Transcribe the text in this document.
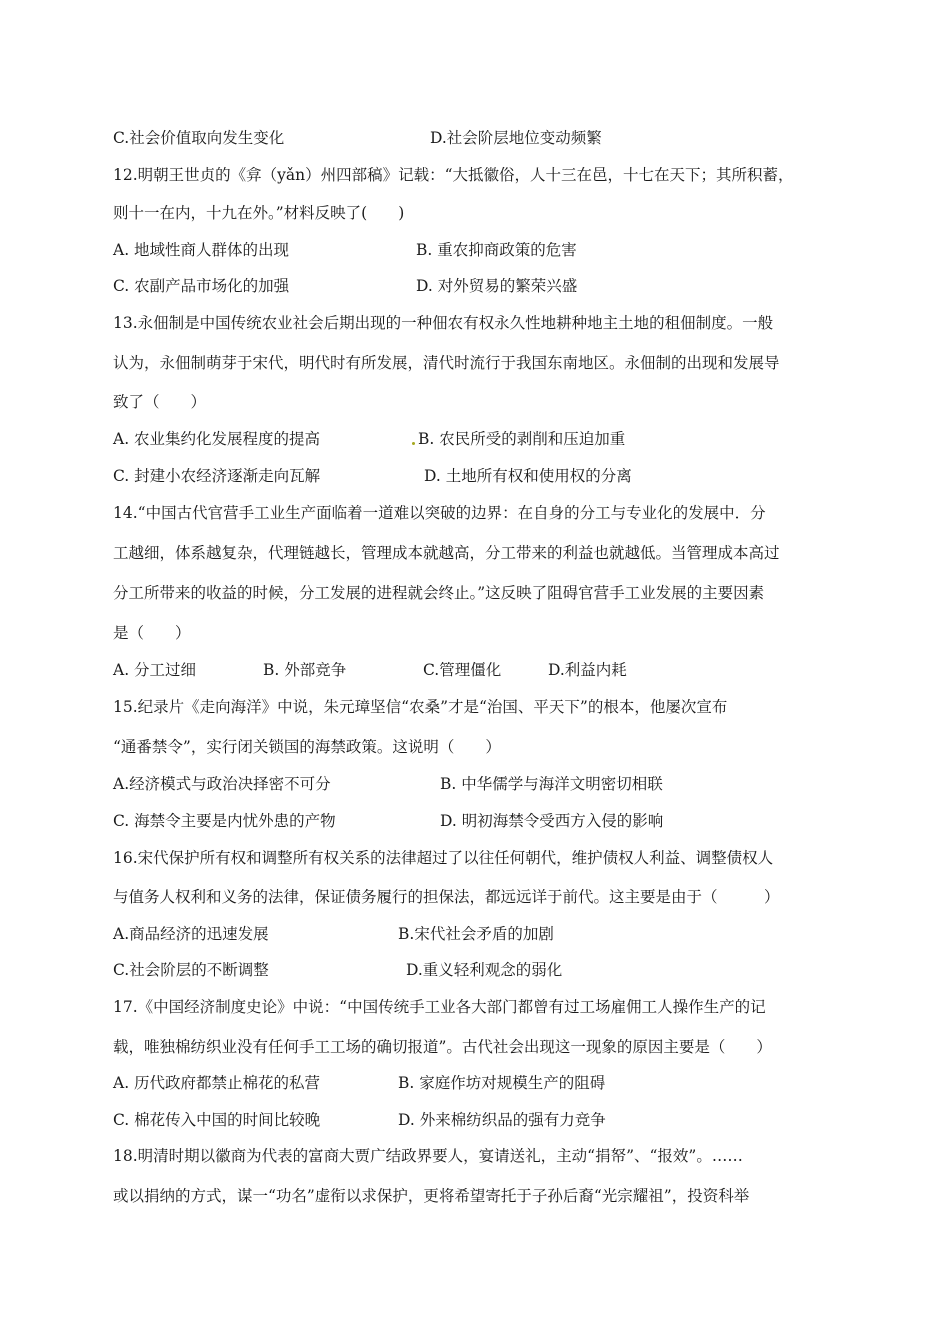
C.社会价值取向发生变化	D.社会阶层地位变动频繁
12.明朝王世贞的《弇（yǎn）州四部稿》记载：“大抵徽俗，人十三在邑，十七在天下；其所积蓄，
则十一在内，十九在外。”材料反映了(　　)
A. 地域性商人群体的出现	B. 重农抑商政策的危害
C. 农副产品市场化的加强	D. 对外贸易的繁荣兴盛
13.永佃制是中国传统农业社会后期出现的一种佃农有权永久性地耕种地主土地的租佃制度。一般
认为，永佃制萌芽于宋代，明代时有所发展，清代时流行于我国东南地区。永佃制的出现和发展导
致了（　　）
A. 农业集约化发展程度的提高	B. 农民所受的剥削和压迫加重
C. 封建小农经济逐渐走向瓦解	D. 土地所有权和使用权的分离
14.“中国古代官营手工业生产面临着一道难以突破的边界：在自身的分工与专业化的发展中．分
工越细，体系越复杂，代理链越长，管理成本就越高，分工带来的利益也就越低。当管理成本高过
分工所带来的收益的时候，分工发展的进程就会终止。”这反映了阻碍官营手工业发展的主要因素
是（　　）
A. 分工过细	B. 外部竞争	C.管理僵化	D.利益内耗
15.纪录片《走向海洋》中说，朱元璋坚信“农桑”才是“治国、平天下”的根本，他屡次宣布
“通番禁令”，实行闭关锁国的海禁政策。这说明（　　）
A.经济模式与政治决择密不可分	B. 中华儒学与海洋文明密切相联
C. 海禁令主要是内忧外患的产物	D. 明初海禁令受西方入侵的影响
16.宋代保护所有权和调整所有权关系的法律超过了以往任何朝代，维护债权人利益、调整债权人
与值务人权利和义务的法律，保证债务履行的担保法，都远远详于前代。这主要是由于（　　　）
A.商品经济的迅速发展	B.宋代社会矛盾的加剧
C.社会阶层的不断调整	D.重义轻利观念的弱化
17.《中国经济制度史论》中说：“中国传统手工业各大部门都曾有过工场雇佣工人操作生产的记
载，唯独棉纺织业没有任何手工工场的确切报道”。古代社会出现这一现象的原因主要是（　　）
A. 历代政府都禁止棉花的私营	B. 家庭作坊对规模生产的阻碍
C. 棉花传入中国的时间比较晚	D. 外来棉纺织品的强有力竞争
18.明清时期以徽商为代表的富商大贾广结政界要人，宴请送礼，主动“捐帑”、“报效”。……
或以捐纳的方式，谋一“功名”虚衔以求保护，更将希望寄托于子孙后裔“光宗耀祖”，投资科举
